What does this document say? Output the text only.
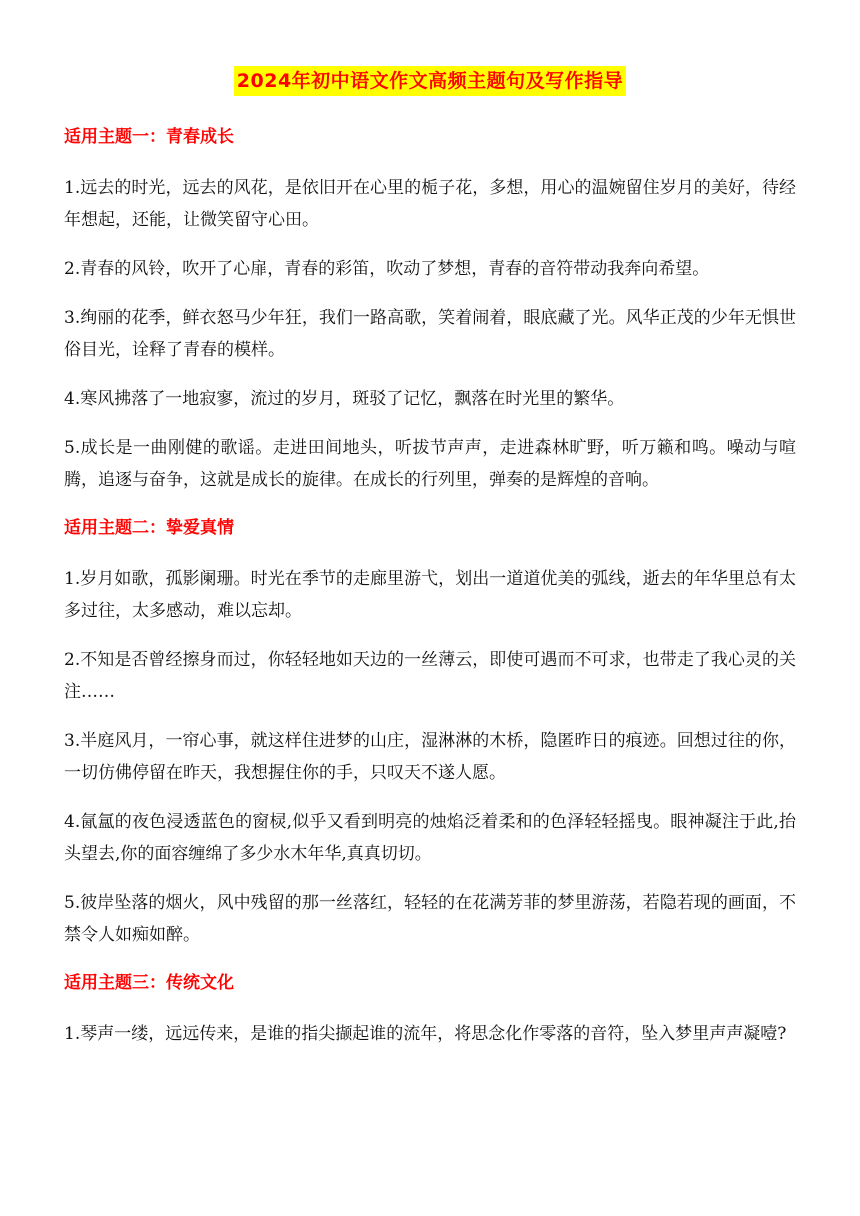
2024年初中语文作文高频主题句及写作指导
适用主题一：青春成长

1.远去的时光，远去的风花，是依旧开在心里的栀子花，多想，用心的温婉留住岁月的美好，待经年想起，还能，让微笑留守心田。

2.青春的风铃，吹开了心扉，青春的彩笛，吹动了梦想，青春的音符带动我奔向希望。

3.绚丽的花季，鲜衣怒马少年狂，我们一路高歌，笑着闹着，眼底藏了光。风华正茂的少年无惧世俗目光，诠释了青春的模样。

4.寒风拂落了一地寂寥，流过的岁月，斑驳了记忆，飘落在时光里的繁华。

5.成长是一曲刚健的歌谣。走进田间地头，听拔节声声，走进森林旷野，听万籁和鸣。噪动与喧腾，追逐与奋争，这就是成长的旋律。在成长的行列里，弹奏的是辉煌的音响。

适用主题二：挚爱真情

1.岁月如歌，孤影阑珊。时光在季节的走廊里游弋，划出一道道优美的弧线，逝去的年华里总有太多过往，太多感动，难以忘却。

2.不知是否曾经擦身而过，你轻轻地如天边的一丝薄云，即使可遇而不可求，也带走了我心灵的关注……

3.半庭风月，一帘心事，就这样住进梦的山庄，湿淋淋的木桥，隐匿昨日的痕迹。回想过往的你，一切仿佛停留在昨天，我想握住你的手，只叹天不遂人愿。

4.氤氲的夜色浸透蓝色的窗棂,似乎又看到明亮的烛焰泛着柔和的色泽轻轻摇曳。眼神凝注于此,抬头望去,你的面容缠绵了多少水木年华,真真切切。

5.彼岸坠落的烟火，风中残留的那一丝落红，轻轻的在花满芳菲的梦里游荡，若隐若现的画面，不禁令人如痴如醉。

适用主题三：传统文化

1.琴声一缕，远远传来，是谁的指尖撷起谁的流年，将思念化作零落的音符，坠入梦里声声凝噎?
